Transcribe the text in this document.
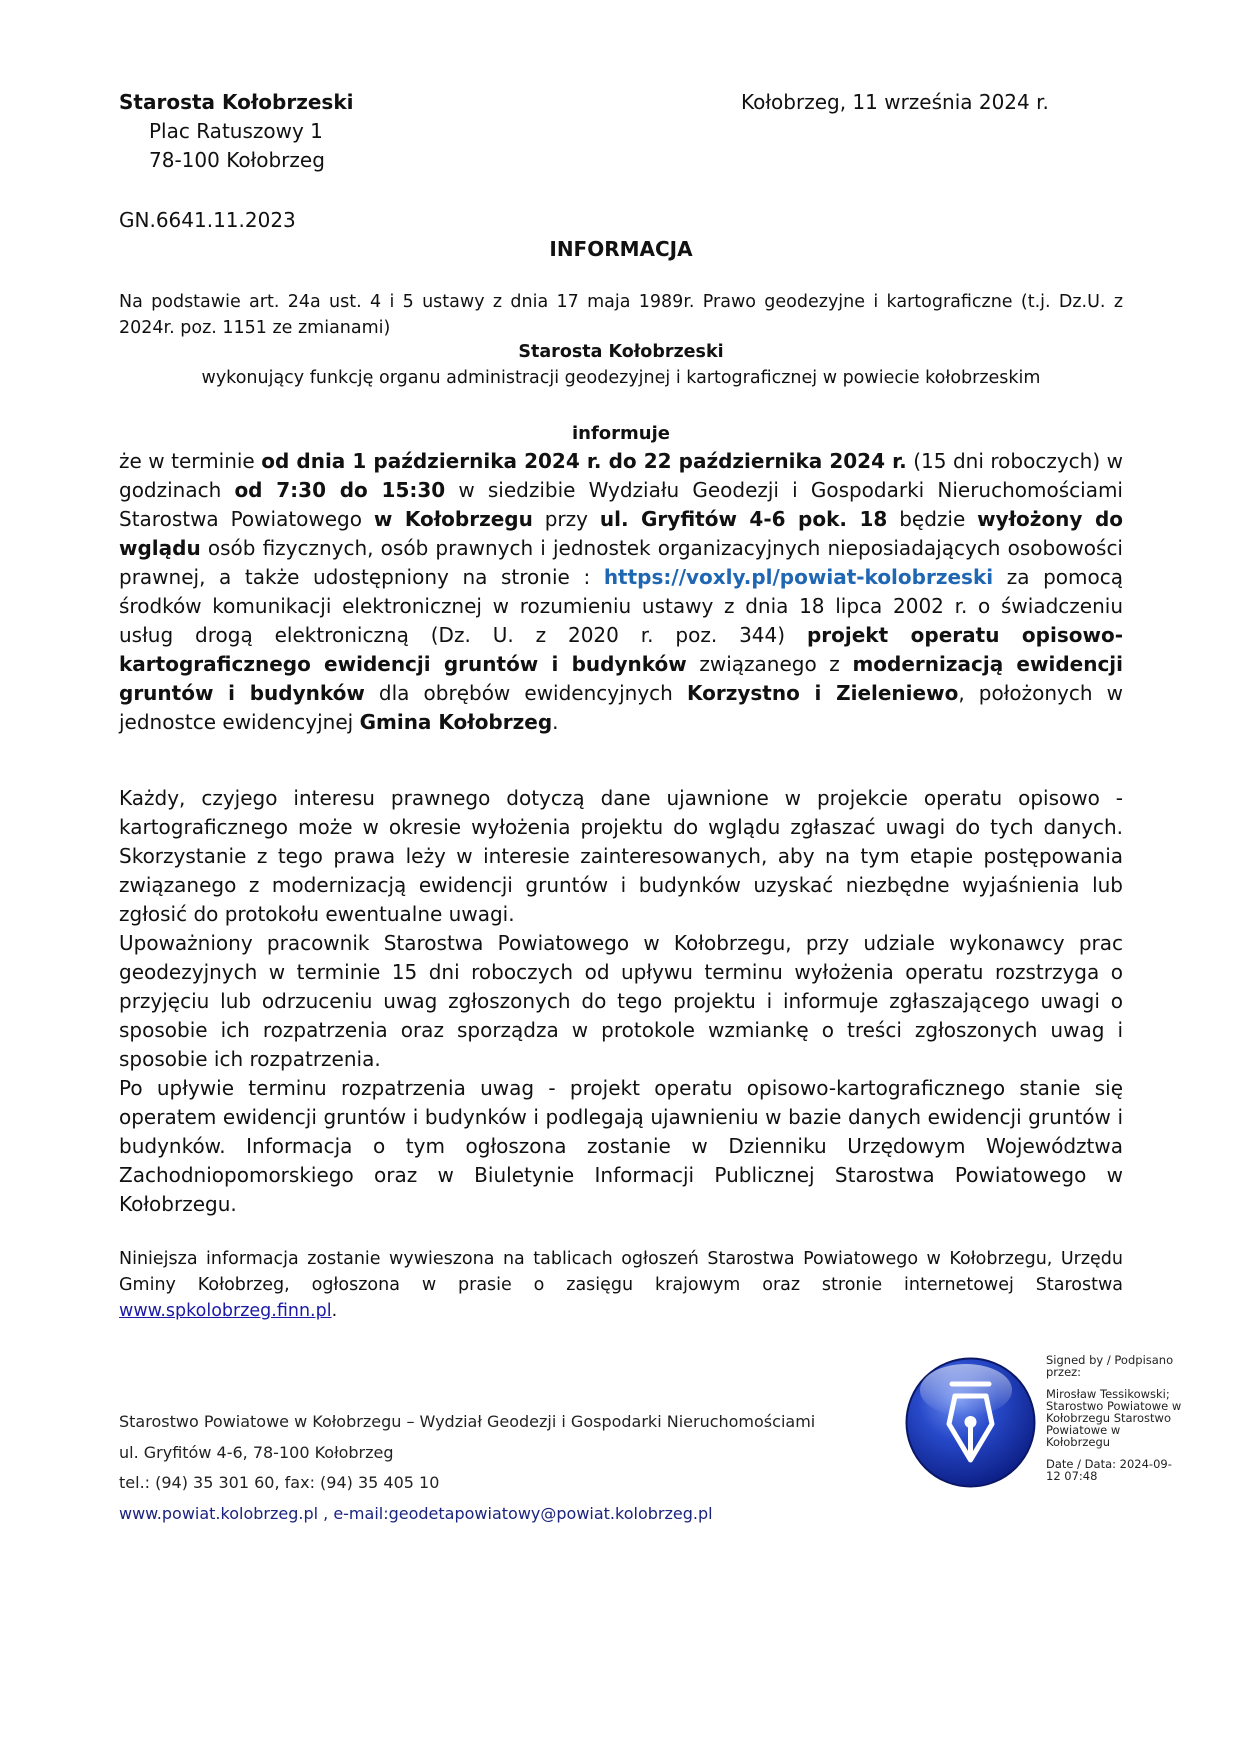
Starosta Kołobrzeski
Plac Ratuszowy 1
78-100 Kołobrzeg
Kołobrzeg, 11 września 2024 r.
GN.6641.11.2023
INFORMACJA
Na podstawie art. 24a ust. 4 i 5 ustawy z dnia 17 maja 1989r. Prawo geodezyjne i kartograficzne (t.j. Dz.U. z 2024r. poz. 1151 ze zmianami)
Starosta Kołobrzeski
wykonujący funkcję organu administracji geodezyjnej i kartograficznej w powiecie kołobrzeskim
informuje
że w terminie od dnia 1 października 2024 r. do 22 października 2024 r. (15 dni roboczych) w godzinach od 7:30 do 15:30 w siedzibie Wydziału Geodezji i Gospodarki Nieruchomościami Starostwa Powiatowego w Kołobrzegu przy ul. Gryfitów 4-6 pok. 18 będzie wyłożony do wglądu osób fizycznych, osób prawnych i jednostek organizacyjnych nieposiadających osobowości prawnej, a także udostępniony na stronie : https://voxly.pl/powiat-kolobrzeski za pomocą środków komunikacji elektronicznej w rozumieniu ustawy z dnia 18 lipca 2002 r. o świadczeniu usług drogą elektroniczną (Dz. U. z 2020 r. poz. 344) projekt operatu opisowo-kartograficznego ewidencji gruntów i budynków związanego z modernizacją ewidencji gruntów i budynków dla obrębów ewidencyjnych Korzystno i Zieleniewo, położonych w jednostce ewidencyjnej Gmina Kołobrzeg.

Każdy, czyjego interesu prawnego dotyczą dane ujawnione w projekcie operatu opisowo - kartograficznego może w okresie wyłożenia projektu do wglądu zgłaszać uwagi do tych danych. Skorzystanie z tego prawa leży w interesie zainteresowanych, aby na tym etapie postępowania związanego z modernizacją ewidencji gruntów i budynków uzyskać niezbędne wyjaśnienia lub zgłosić do protokołu ewentualne uwagi.

Upoważniony pracownik Starostwa Powiatowego w Kołobrzegu, przy udziale wykonawcy prac geodezyjnych w terminie 15 dni roboczych od upływu terminu wyłożenia operatu rozstrzyga o przyjęciu lub odrzuceniu uwag zgłoszonych do tego projektu i informuje zgłaszającego uwagi o sposobie ich rozpatrzenia oraz sporządza w protokole wzmiankę o treści zgłoszonych uwag i sposobie ich rozpatrzenia.

Po upływie terminu rozpatrzenia uwag - projekt operatu opisowo-kartograficznego stanie się operatem ewidencji gruntów i budynków i podlegają ujawnieniu w bazie danych ewidencji gruntów i budynków. Informacja o tym ogłoszona zostanie w Dzienniku Urzędowym Województwa Zachodniopomorskiego oraz w Biuletynie Informacji Publicznej Starostwa Powiatowego w Kołobrzegu.

Niniejsza informacja zostanie wywieszona na tablicach ogłoszeń Starostwa Powiatowego w Kołobrzegu, Urzędu Gminy Kołobrzeg, ogłoszona w prasie o zasięgu krajowym oraz stronie internetowej Starostwa www.spkolobrzeg.finn.pl.
Starostwo Powiatowe w Kołobrzegu – Wydział Geodezji i Gospodarki Nieruchomościami
ul. Gryfitów 4-6, 78-100 Kołobrzeg
tel.: (94) 35 301 60, fax: (94) 35 405 10
www.powiat.kolobrzeg.pl , e-mail:geodetapowiatowy@powiat.kolobrzeg.pl
Signed by / Podpisano przez:
Mirosław Tessikowski; Starostwo Powiatowe w Kołobrzegu Starostwo Powiatowe w Kołobrzegu
Date / Data: 2024-09-12 07:48
